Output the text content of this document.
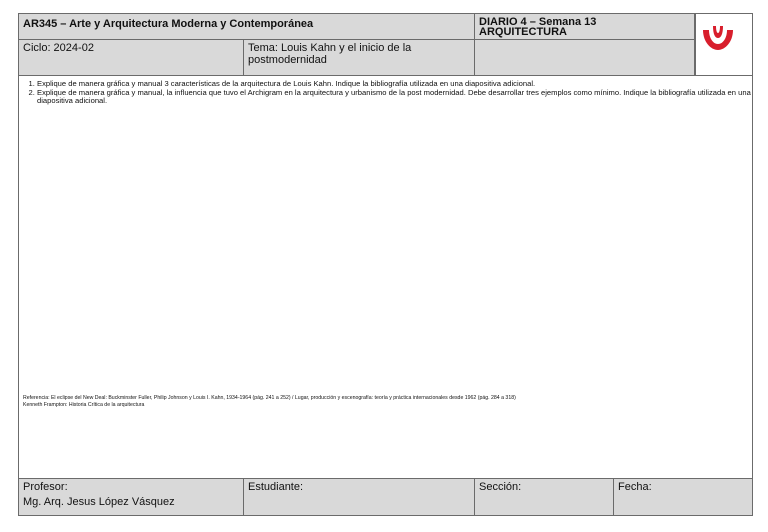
AR345 – Arte y Arquitectura Moderna y Contemporánea	DIARIO 4 – Semana 13
ARQUITECTURA
Ciclo: 2024-02	Tema: Louis Kahn y el inicio de la postmodernidad
1. Explique de manera gráfica y manual 3 características de la arquitectura de Louis Kahn. Indique la bibliografía utilizada en una diapositiva adicional.
2. Explique de manera gráfica y manual, la influencia que tuvo el Archigram en la arquitectura y urbanismo de la post modernidad. Debe desarrollar tres ejemplos como mínimo. Indique la bibliografía utilizada en una diapositiva adicional.
Referencia: El eclipse del New Deal: Buckminster Fuller, Philip Johnson y Louis I. Kahn, 1934-1964 (pág. 241 a 252) / Lugar, producción y escenografía: teoría y práctica internacionales desde 1962 (pág. 284 a 318)
Kenneth Frampton: Historia Crítica de la arquitectura
Profesor:
Mg. Arq. Jesus López Vásquez
Estudiante:	Sección:	Fecha:
